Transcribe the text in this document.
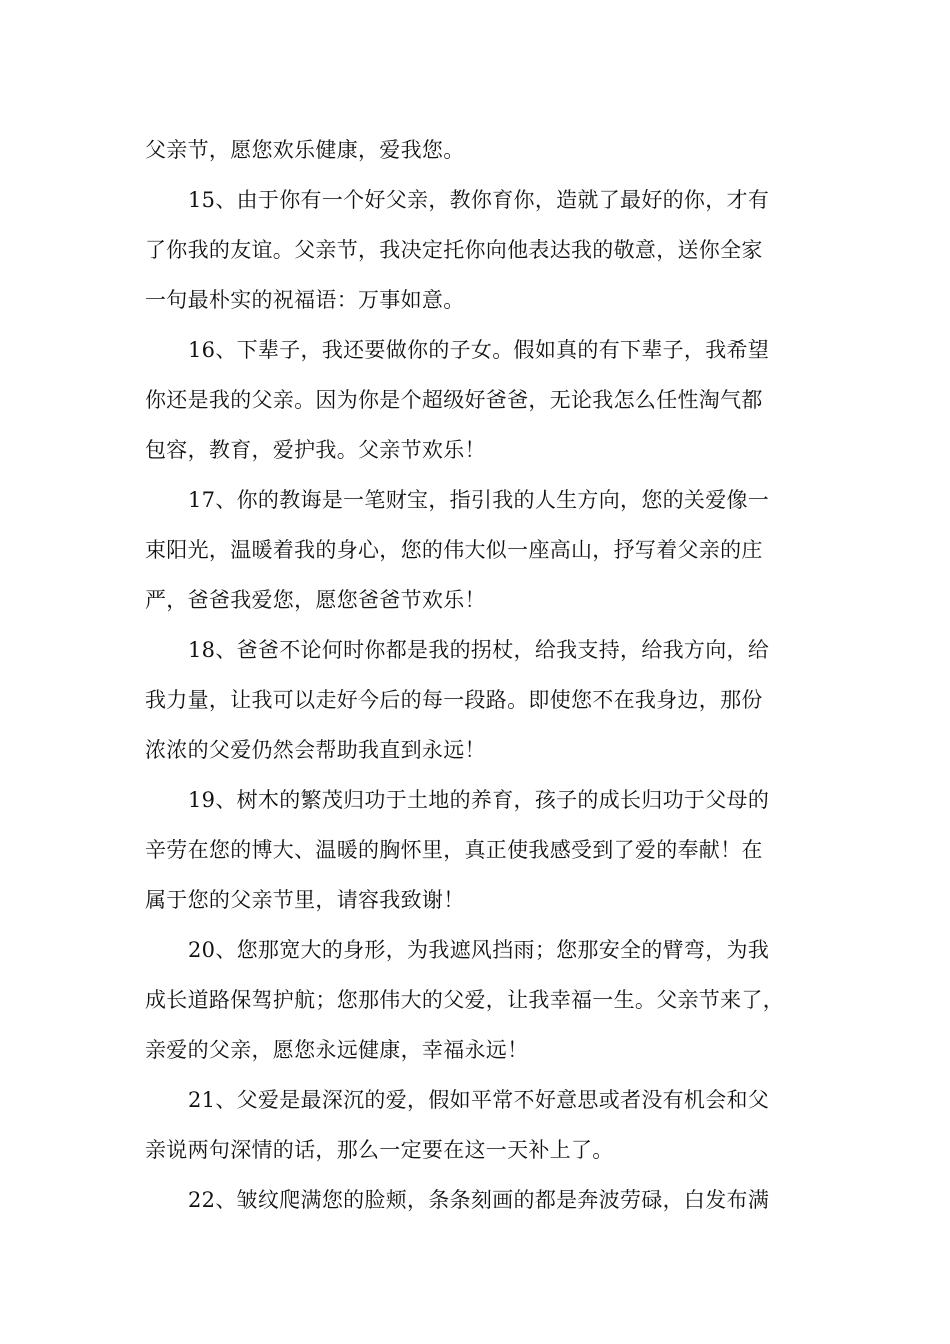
父亲节，愿您欢乐健康，爱我您。
15、由于你有一个好父亲，教你育你，造就了最好的你，才有
了你我的友谊。父亲节，我决定托你向他表达我的敬意，送你全家
一句最朴实的祝福语：万事如意。
16、下辈子，我还要做你的子女。假如真的有下辈子，我希望
你还是我的父亲。因为你是个超级好爸爸，无论我怎么任性淘气都
包容，教育，爱护我。父亲节欢乐！
17、你的教诲是一笔财宝，指引我的人生方向，您的关爱像一
束阳光，温暖着我的身心，您的伟大似一座高山，抒写着父亲的庄
严，爸爸我爱您，愿您爸爸节欢乐！
18、爸爸不论何时你都是我的拐杖，给我支持，给我方向，给
我力量，让我可以走好今后的每一段路。即使您不在我身边，那份
浓浓的父爱仍然会帮助我直到永远！
19、树木的繁茂归功于土地的养育，孩子的成长归功于父母的
辛劳在您的博大、温暖的胸怀里，真正使我感受到了爱的奉献！在
属于您的父亲节里，请容我致谢！
20、您那宽大的身形，为我遮风挡雨；您那安全的臂弯，为我
成长道路保驾护航；您那伟大的父爱，让我幸福一生。父亲节来了，
亲爱的父亲，愿您永远健康，幸福永远！
21、父爱是最深沉的爱，假如平常不好意思或者没有机会和父
亲说两句深情的话，那么一定要在这一天补上了。
22、皱纹爬满您的脸颊，条条刻画的都是奔波劳碌，白发布满
